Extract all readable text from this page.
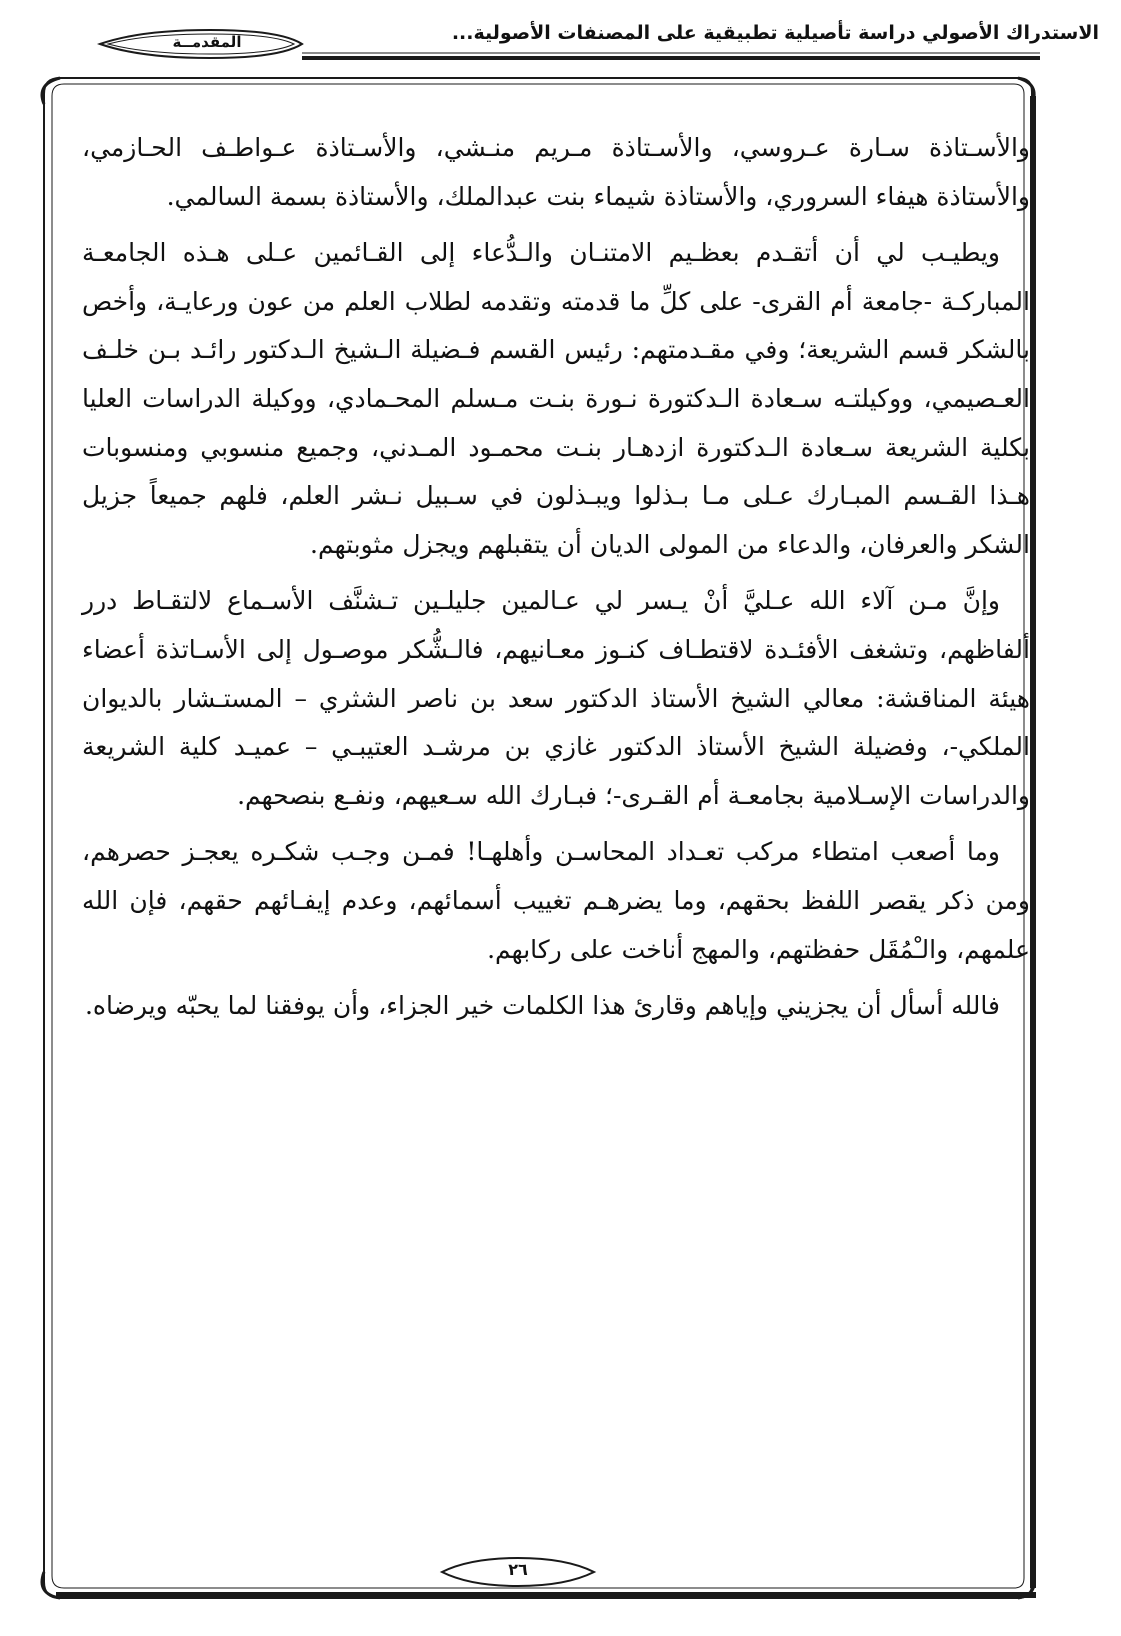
الاستدراك الأصولي دراسة تأصيلية تطبيقية على المصنفات الأصولية...
المقدمــة

والأسـتاذة سـارة عـروسي، والأسـتاذة مـريم منـشي، والأسـتاذة عـواطـف الحـازمي، والأستاذة هيفاء السروري، والأستاذة شيماء بنت عبدالملك، والأستاذة بسمة السالمي.

ويطيـب لي أن أتقـدم بعظـيم الامتنـان والـدُّعاء إلى القـائمين عـلى هـذه الجامعـة المباركـة -جامعة أم القرى- على كلِّ ما قدمته وتقدمه لطلاب العلم من عون ورعايـة، وأخص بالشكر قسم الشريعة؛ وفي مقـدمتهم: رئيس القسم فـضيلة الـشيخ الـدكتور رائـد بـن خلـف العـصيمي، ووكيلتـه سـعادة الـدكتورة نـورة بنـت مـسلم المحـمادي، ووكيلة الدراسات العليا بكلية الشريعة سـعادة الـدكتورة ازدهـار بنـت محمـود المـدني، وجميع منسوبي ومنسوبات هـذا القـسم المبـارك عـلى مـا بـذلوا ويبـذلون في سـبيل نـشر العلم، فلهم جميعاً جزيل الشكر والعرفان، والدعاء من المولى الديان أن يتقبلهم ويجزل مثوبتهم.

وإنَّ مـن آلاء الله عـليَّ أنْ يـسر لي عـالمين جليلـين تـشنَّف الأسـماع لالتقـاط درر ألفاظهم، وتشغف الأفئـدة لاقتطـاف كنـوز معـانيهم، فالـشُّكر موصـول إلى الأسـاتذة أعضاء هيئة المناقشة: معالي الشيخ الأستاذ الدكتور سعد بن ناصر الشثري – المستـشار بالديوان الملكي-، وفضيلة الشيخ الأستاذ الدكتور غازي بن مرشـد العتيبـي – عميـد كلية الشريعة والدراسات الإسـلامية بجامعـة أم القـرى-؛ فبـارك الله سـعيهم، ونفـع بنصحهم.

وما أصعب امتطاء مركب تعـداد المحاسـن وأهلهـا! فمـن وجـب شكـره يعجـز حصرهم، ومن ذكر يقصر اللفظ بحقهم، وما يضرهـم تغييب أسمائهم، وعدم إيفـائهم حقهم، فإن الله علمهم، والـْمُقَل حفظتهم، والمهج أناخت على ركابهم.

فالله أسأل أن يجزيني وإياهم وقارئ هذا الكلمات خير الجزاء، وأن يوفقنا لما يحبّه ويرضاه.

٢٦
